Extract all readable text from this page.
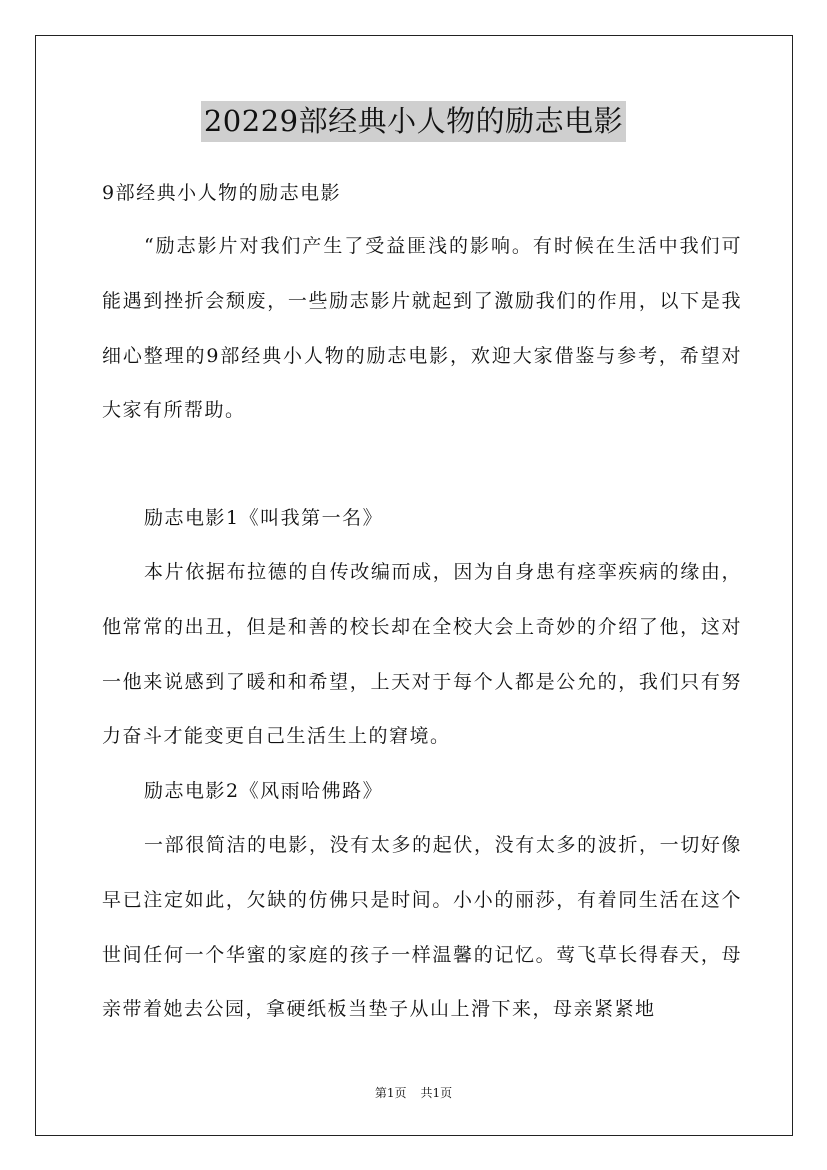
20229部经典小人物的励志电影

9部经典小人物的励志电影

“励志影片对我们产生了受益匪浅的影响。有时候在生活中我们可能遇到挫折会颓废，一些励志影片就起到了激励我们的作用，以下是我细心整理的9部经典小人物的励志电影，欢迎大家借鉴与参考，希望对大家有所帮助。

励志电影1《叫我第一名》

本片依据布拉德的自传改编而成，因为自身患有痉挛疾病的缘由，他常常的出丑，但是和善的校长却在全校大会上奇妙的介绍了他，这对一他来说感到了暖和和希望，上天对于每个人都是公允的，我们只有努力奋斗才能变更自己生活生上的窘境。

励志电影2《风雨哈佛路》

一部很简洁的电影，没有太多的起伏，没有太多的波折，一切好像早已注定如此，欠缺的仿佛只是时间。小小的丽莎，有着同生活在这个世间任何一个华蜜的家庭的孩子一样温馨的记忆。莺飞草长得春天，母亲带着她去公园，拿硬纸板当垫子从山上滑下来，母亲紧紧地

第1页 共1页
